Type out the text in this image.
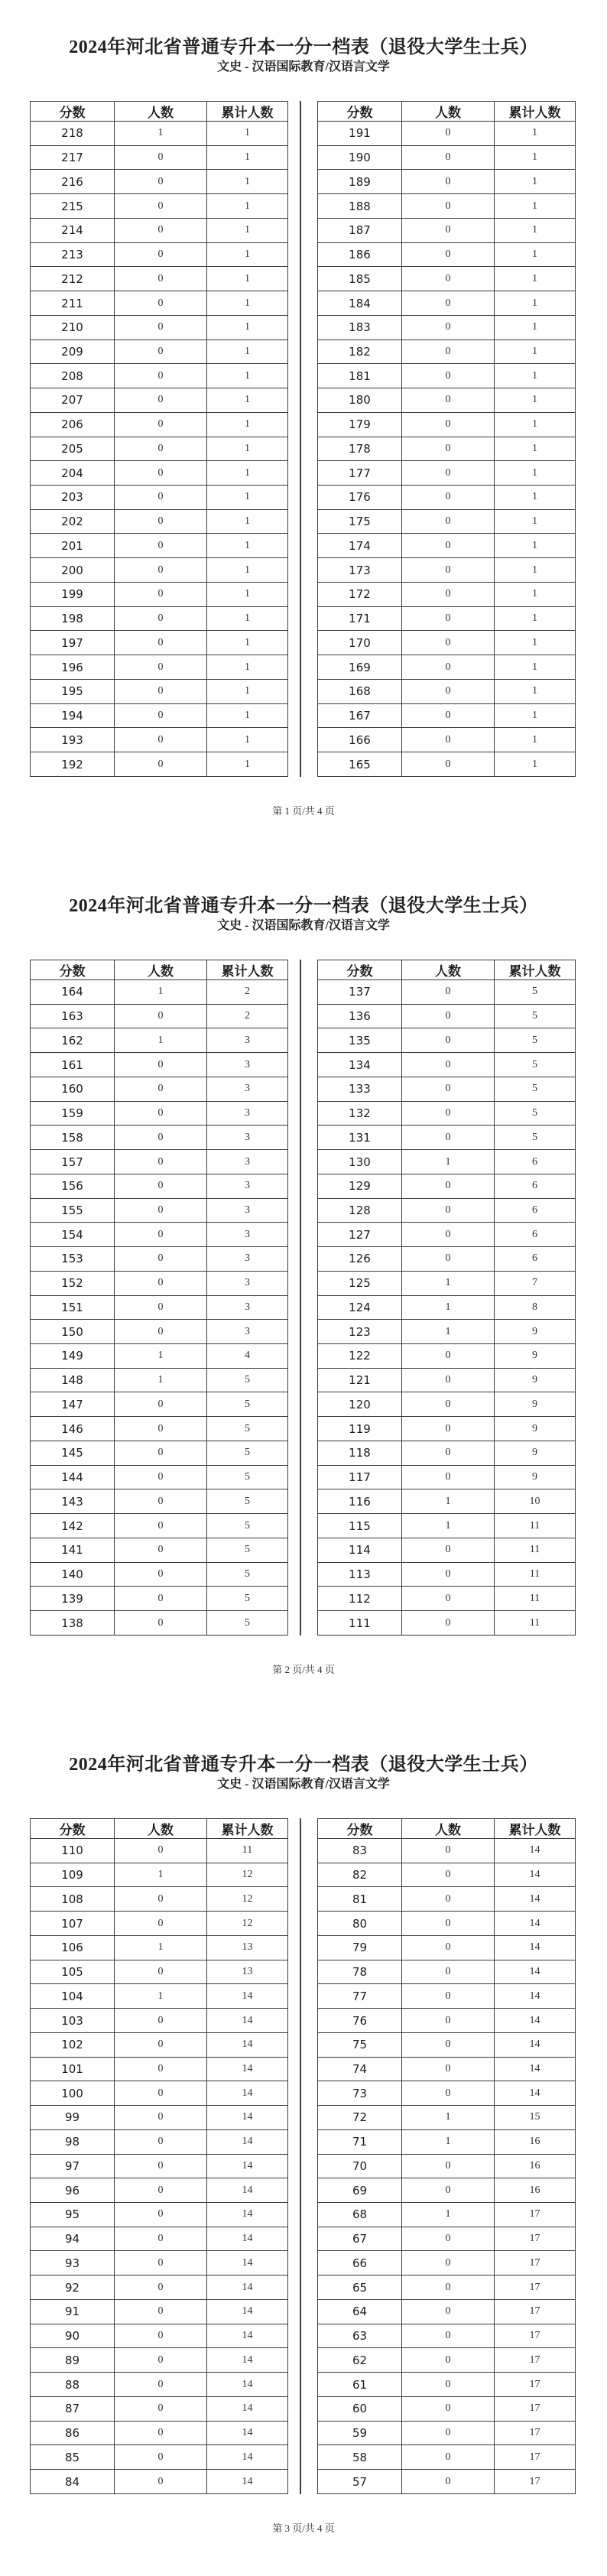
2024年河北省普通专升本一分一档表（退役大学生士兵）
文史 - 汉语国际教育/汉语言文学
分数	人数	累计人数
218	1	1
217	0	1
216	0	1
215	0	1
214	0	1
213	0	1
212	0	1
211	0	1
210	0	1
209	0	1
208	0	1
207	0	1
206	0	1
205	0	1
204	0	1
203	0	1
202	0	1
201	0	1
200	0	1
199	0	1
198	0	1
197	0	1
196	0	1
195	0	1
194	0	1
193	0	1
192	0	1
分数	人数	累计人数
191	0	1
190	0	1
189	0	1
188	0	1
187	0	1
186	0	1
185	0	1
184	0	1
183	0	1
182	0	1
181	0	1
180	0	1
179	0	1
178	0	1
177	0	1
176	0	1
175	0	1
174	0	1
173	0	1
172	0	1
171	0	1
170	0	1
169	0	1
168	0	1
167	0	1
166	0	1
165	0	1
第 1 页/共 4 页
2024年河北省普通专升本一分一档表（退役大学生士兵）
文史 - 汉语国际教育/汉语言文学
分数	人数	累计人数
164	1	2
163	0	2
162	1	3
161	0	3
160	0	3
159	0	3
158	0	3
157	0	3
156	0	3
155	0	3
154	0	3
153	0	3
152	0	3
151	0	3
150	0	3
149	1	4
148	1	5
147	0	5
146	0	5
145	0	5
144	0	5
143	0	5
142	0	5
141	0	5
140	0	5
139	0	5
138	0	5
分数	人数	累计人数
137	0	5
136	0	5
135	0	5
134	0	5
133	0	5
132	0	5
131	0	5
130	1	6
129	0	6
128	0	6
127	0	6
126	0	6
125	1	7
124	1	8
123	1	9
122	0	9
121	0	9
120	0	9
119	0	9
118	0	9
117	0	9
116	1	10
115	1	11
114	0	11
113	0	11
112	0	11
111	0	11
第 2 页/共 4 页
2024年河北省普通专升本一分一档表（退役大学生士兵）
文史 - 汉语国际教育/汉语言文学
分数	人数	累计人数
110	0	11
109	1	12
108	0	12
107	0	12
106	1	13
105	0	13
104	1	14
103	0	14
102	0	14
101	0	14
100	0	14
99	0	14
98	0	14
97	0	14
96	0	14
95	0	14
94	0	14
93	0	14
92	0	14
91	0	14
90	0	14
89	0	14
88	0	14
87	0	14
86	0	14
85	0	14
84	0	14
分数	人数	累计人数
83	0	14
82	0	14
81	0	14
80	0	14
79	0	14
78	0	14
77	0	14
76	0	14
75	0	14
74	0	14
73	0	14
72	1	15
71	1	16
70	0	16
69	0	16
68	1	17
67	0	17
66	0	17
65	0	17
64	0	17
63	0	17
62	0	17
61	0	17
60	0	17
59	0	17
58	0	17
57	0	17
第 3 页/共 4 页
